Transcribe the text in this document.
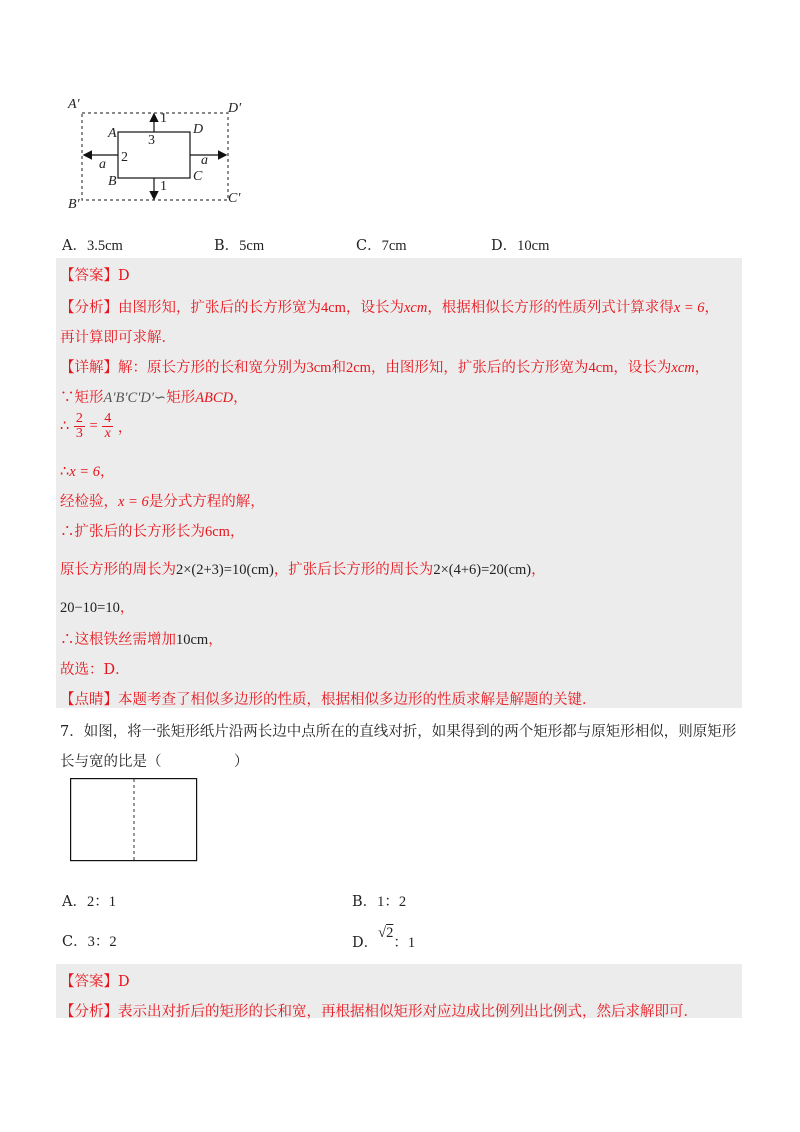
A′	D′
B′	C′
A	D
B	C
1
1
3
2
a	a
A．3.5cm	B．5cm	C．7cm	D．10cm
【答案】D
【分析】由图形知，扩张后的长方形宽为4cm，设长为xcm，根据相似长方形的性质列式计算求得x = 6，
再计算即可求解．
【详解】解：原长方形的长和宽分别为3cm和2cm，由图形知，扩张后的长方形宽为4cm，设长为xcm，
∵矩形A′B′C′D′∽矩形ABCD，
∴ $\frac{2}{3} = \frac{4}{x}$ ，
∴x = 6，
经检验，x = 6是分式方程的解，
∴扩张后的长方形长为6cm，
原长方形的周长为2×(2+3)=10(cm)，扩张后长方形的周长为2×(4+6)=20(cm)，
20−10=10，
∴这根铁丝需增加10cm，
故选：D．
【点睛】本题考查了相似多边形的性质，根据相似多边形的性质求解是解题的关键．
7．如图，将一张矩形纸片沿两长边中点所在的直线对折，如果得到的两个矩形都与原矩形相似，则原矩形
长与宽的比是（　　　　　）
A．2：1	B．1：2
C．3：2	D．√2：1
【答案】D
【分析】表示出对折后的矩形的长和宽，再根据相似矩形对应边成比例列出比例式，然后求解即可．
